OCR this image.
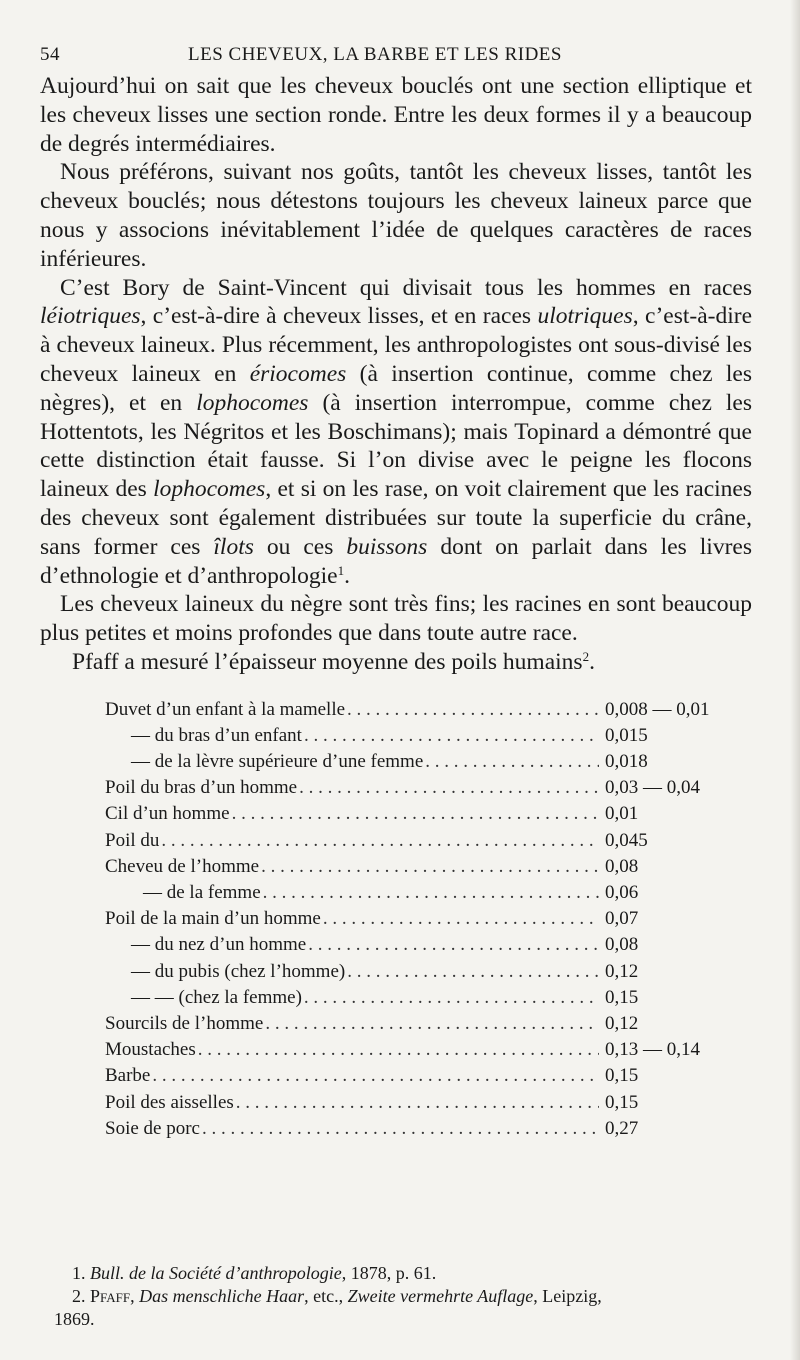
54	LES CHEVEUX, LA BARBE ET LES RIDES

Aujourd’hui on sait que les cheveux bouclés ont une section elliptique et les cheveux lisses une section ronde. Entre les deux formes il y a beaucoup de degrés intermédiaires.

Nous préférons, suivant nos goûts, tantôt les cheveux lisses, tantôt les cheveux bouclés; nous détestons toujours les cheveux laineux parce que nous y associons inévitablement l’idée de quelques caractères de races inférieures.

C’est Bory de Saint-Vincent qui divisait tous les hommes en races léiotriques, c’est-à-dire à cheveux lisses, et en races ulotriques, c’est-à-dire à cheveux laineux. Plus récemment, les anthropologistes ont sous-divisé les cheveux laineux en ériocomes (à insertion continue, comme chez les nègres), et en lophocomes (à insertion interrompue, comme chez les Hottentots, les Négritos et les Boschimans); mais Topinard a démontré que cette distinction était fausse. Si l’on divise avec le peigne les flocons laineux des lophocomes, et si on les rase, on voit clairement que les racines des cheveux sont également distribuées sur toute la superficie du crâne, sans former ces îlots ou ces buissons dont on parlait dans les livres d’ethnologie et d’anthropologie$^1$.

Les cheveux laineux du nègre sont très fins; les racines en sont beaucoup plus petites et moins profondes que dans toute autre race.

Pfaff a mesuré l’épaisseur moyenne des poils humains$^2$.

Duvet d’un enfant à la mamelle . . .	0,008 — 0,01
— du bras d’un enfant . . .	0,015
— de la lèvre supérieure d’une femme . . .	0,018
Poil du bras d’un homme . . .	0,03 — 0,04
Cil d’un homme . . .	0,01
Poil du . . .	0,045
Cheveu de l’homme . . .	0,08
— de la femme . . .	0,06
Poil de la main d’un homme . . .	0,07
— du nez d’un homme . . .	0,08
— du pubis (chez l’homme) . . .	0,12
— — (chez la femme) . . .	0,15
Sourcils de l’homme . . .	0,12
Moustaches . . .	0,13 — 0,14
Barbe . . .	0,15
Poil des aisselles . . .	0,15
Soie de porc . . .	0,27

1. Bull. de la Société d’anthropologie, 1878, p. 61.

2. Pfaff, Das menschliche Haar, etc., Zweite vermehrte Auflage, Leipzig,

1869.
